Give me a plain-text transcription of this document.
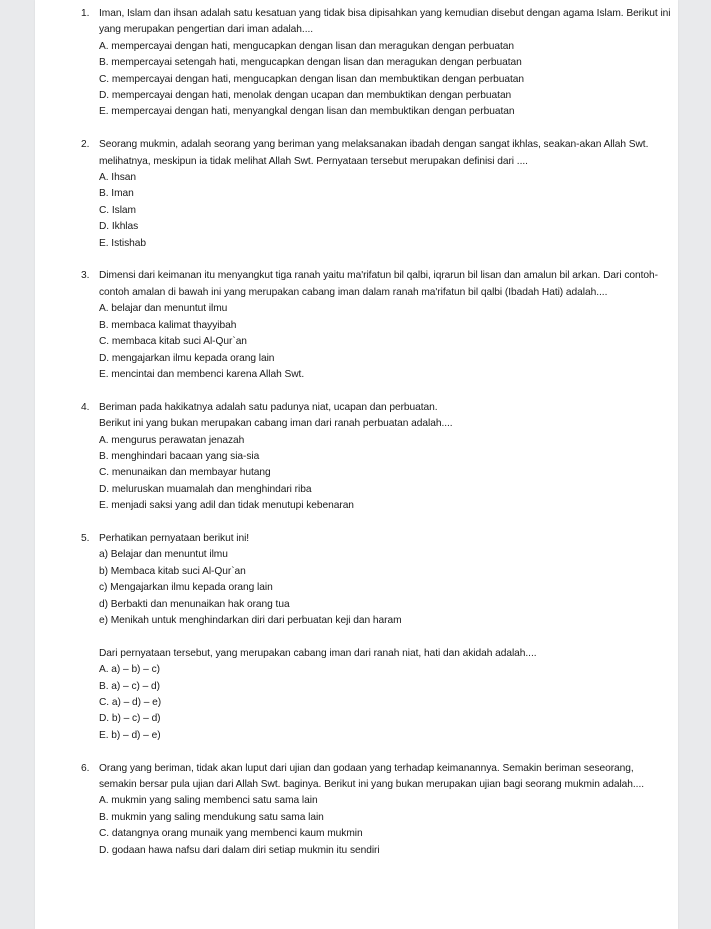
1. Iman, Islam dan ihsan adalah satu kesatuan yang tidak bisa dipisahkan yang kemudian disebut dengan agama Islam. Berikut ini yang merupakan pengertian dari iman adalah....

A. mempercayai dengan hati, mengucapkan dengan lisan dan meragukan dengan perbuatan
B. mempercayai setengah hati, mengucapkan dengan lisan dan meragukan dengan perbuatan
C. mempercayai dengan hati, mengucapkan dengan lisan dan membuktikan dengan perbuatan
D. mempercayai dengan hati, menolak dengan ucapan dan membuktikan dengan perbuatan
E. mempercayai dengan hati, menyangkal dengan lisan dan membuktikan dengan perbuatan
2. Seorang mukmin, adalah seorang yang beriman yang melaksanakan ibadah dengan sangat ikhlas, seakan-akan Allah Swt. melihatnya, meskipun ia tidak melihat Allah Swt. Pernyataan tersebut merupakan definisi dari ....

A. Ihsan
B. Iman
C. Islam
D. Ikhlas
E. Istishab
3. Dimensi dari keimanan itu menyangkut tiga ranah yaitu ma'rifatun bil qalbi, iqrarun bil lisan dan amalun bil arkan. Dari contoh-contoh amalan di bawah ini yang merupakan cabang iman dalam ranah ma'rifatun bil qalbi (Ibadah Hati) adalah....

A. belajar dan menuntut ilmu
B. membaca kalimat thayyibah
C. membaca kitab suci Al-Qur`an
D. mengajarkan ilmu kepada orang lain
E. mencintai dan membenci karena Allah Swt.
4. Beriman pada hakikatnya adalah satu padunya niat, ucapan dan perbuatan.

Berikut ini yang bukan merupakan cabang iman dari ranah perbuatan adalah....

A. mengurus perawatan jenazah
B. menghindari bacaan yang sia-sia
C. menunaikan dan membayar hutang
D. meluruskan muamalah dan menghindari riba
E. menjadi saksi yang adil dan tidak menutupi kebenaran
5. Perhatikan pernyataan berikut ini!

a) Belajar dan menuntut ilmu
b) Membaca kitab suci Al-Qur`an
c) Mengajarkan ilmu kepada orang lain
d) Berbakti dan menunaikan hak orang tua
e) Menikah untuk menghindarkan diri dari perbuatan keji dan haram

Dari pernyataan tersebut, yang merupakan cabang iman dari ranah niat, hati dan akidah adalah....

A. a) – b) – c)
B. a) – c) – d)
C. a) – d) – e)
D. b) – c) – d)
E. b) – d) – e)
6. Orang yang beriman, tidak akan luput dari ujian dan godaan yang terhadap keimanannya. Semakin beriman seseorang, semakin bersar pula ujian dari Allah Swt. baginya. Berikut ini yang bukan merupakan ujian bagi seorang mukmin adalah....

A. mukmin yang saling membenci satu sama lain
B. mukmin yang saling mendukung satu sama lain
C. datangnya orang munaik yang membenci kaum mukmin
D. godaan hawa nafsu dari dalam diri setiap mukmin itu sendiri
